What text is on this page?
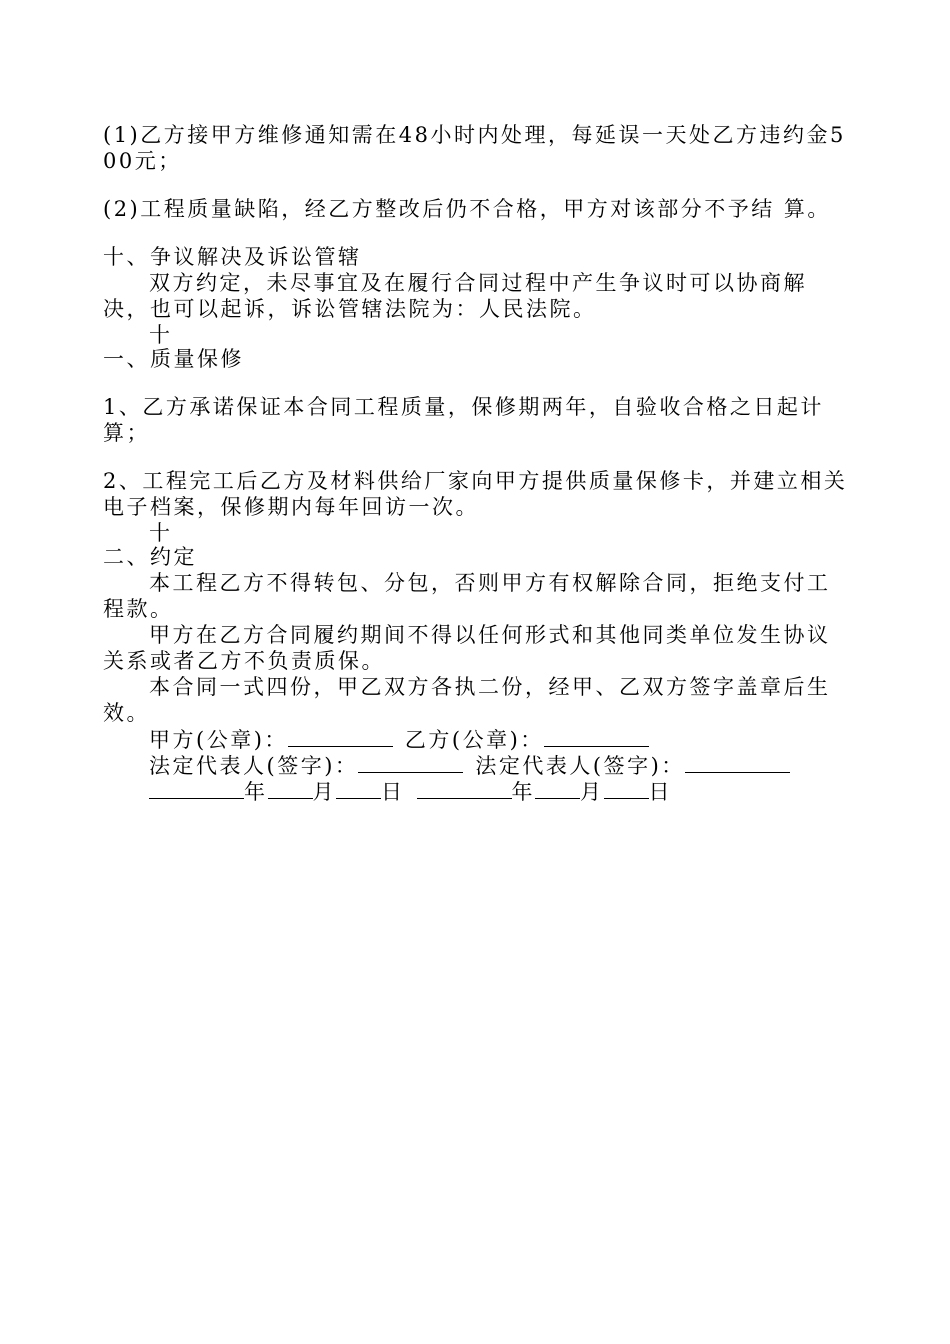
(1)乙方接甲方维修通知需在48小时内处理，每延误一天处乙方违约金500元；

(2)工程质量缺陷，经乙方整改后仍不合格，甲方对该部分不予结 算。

十、争议解决及诉讼管辖

双方约定，未尽事宜及在履行合同过程中产生争议时可以协商解决，也可以起诉，诉讼管辖法院为：人民法院。

十

一、质量保修

1、乙方承诺保证本合同工程质量，保修期两年，自验收合格之日起计算；

2、工程完工后乙方及材料供给厂家向甲方提供质量保修卡，并建立相关电子档案，保修期内每年回访一次。

十

二、约定

本工程乙方不得转包、分包，否则甲方有权解除合同，拒绝支付工程款。

甲方在乙方合同履约期间不得以任何形式和其他同类单位发生协议关系或者乙方不负责质保。

本合同一式四份，甲乙双方各执二份，经甲、乙双方签字盖章后生效。

甲方(公章)：	乙方(公章)：
法定代表人(签字)：	法定代表人(签字)：
年 月 日	年 月 日
